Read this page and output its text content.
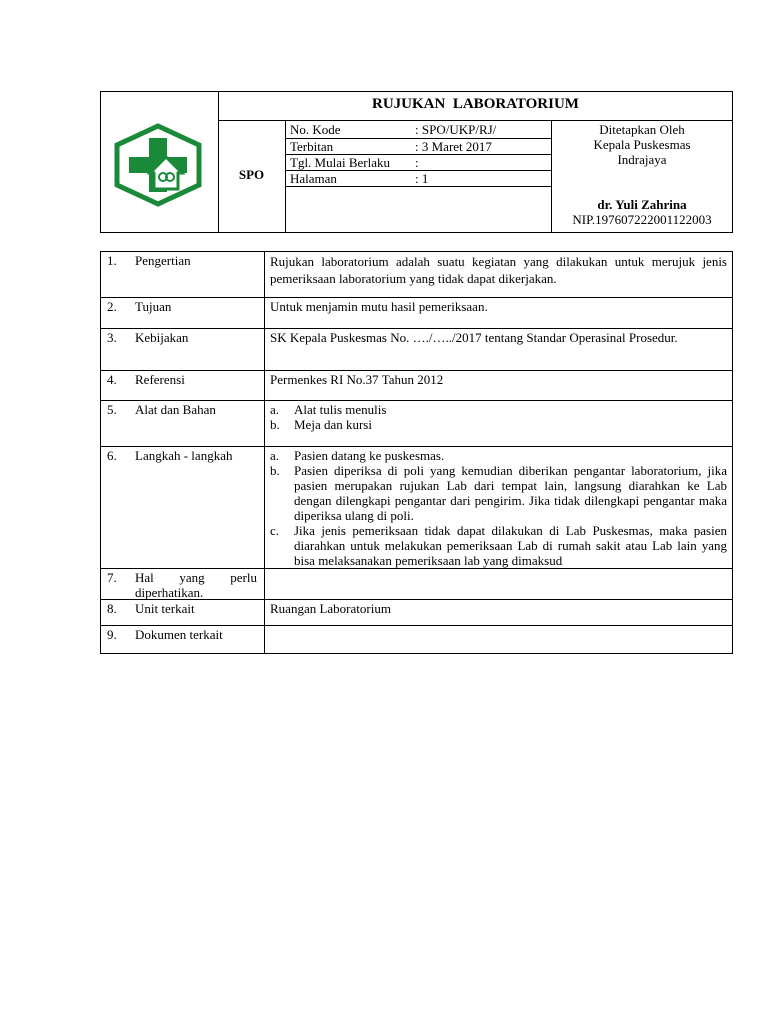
RUJUKAN  LABORATORIUM
SPO
No. Kode	: SPO/UKP/RJ/
Terbitan	: 3 Maret 2017
Tgl. Mulai Berlaku :
Halaman	: 1
Ditetapkan Oleh
Kepala Puskesmas
Indrajaya
dr. Yuli Zahrina
NIP.197607222001122003
1. Pengertian	Rujukan laboratorium adalah suatu kegiatan yang dilakukan untuk merujuk jenis pemeriksaan laboratorium yang tidak dapat dikerjakan.
2. Tujuan	Untuk menjamin mutu hasil pemeriksaan.
3. Kebijakan	SK Kepala Puskesmas No. …./…../2017 tentang Standar Operasinal Prosedur.
4. Referensi	Permenkes RI No.37 Tahun 2012
5. Alat dan Bahan	a. Alat tulis menulis
b. Meja dan kursi
6. Langkah - langkah	a. Pasien datang ke puskesmas.
b. Pasien diperiksa di poli yang kemudian diberikan pengantar laboratorium, jika pasien merupakan rujukan Lab dari tempat lain, langsung diarahkan ke Lab dengan dilengkapi pengantar dari pengirim. Jika tidak dilengkapi pengantar maka diperiksa ulang di poli.
c. Jika jenis pemeriksaan tidak dapat dilakukan di Lab Puskesmas, maka pasien diarahkan untuk melakukan pemeriksaan Lab di rumah sakit atau Lab lain yang bisa melaksanakan pemeriksaan lab yang dimaksud
7. Hal yang perlu diperhatikan.
8. Unit terkait	Ruangan Laboratorium
9. Dokumen terkait
